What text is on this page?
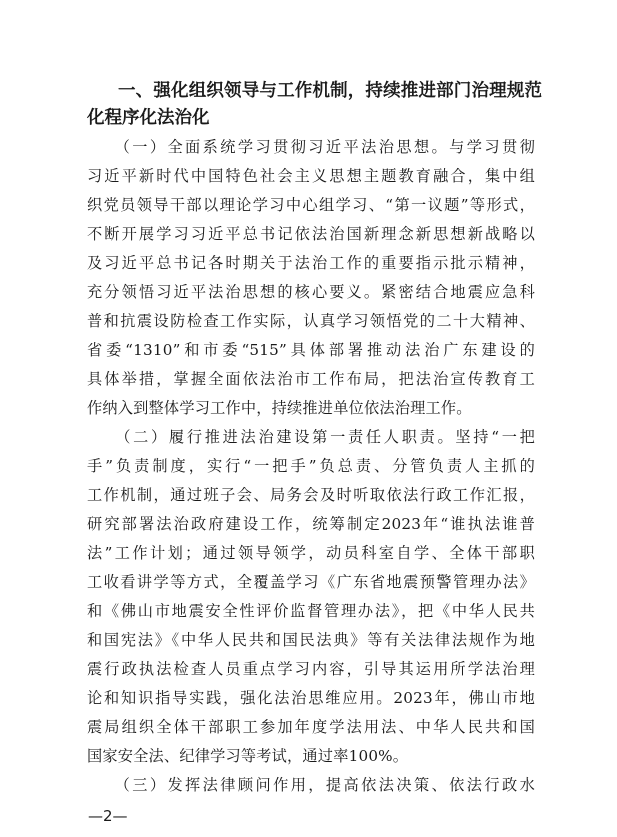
一、强化组织领导与工作机制，持续推进部门治理规范
化程序化法治化
　　（一）全面系统学习贯彻习近平法治思想。与学习贯彻
习近平新时代中国特色社会主义思想主题教育融合，集中组
织党员领导干部以理论学习中心组学习、“第一议题”等形式，
不断开展学习习近平总书记依法治国新理念新思想新战略以
及习近平总书记各时期关于法治工作的重要指示批示精神，
充分领悟习近平法治思想的核心要义。紧密结合地震应急科
普和抗震设防检查工作实际，认真学习领悟党的二十大精神、
省委“1310”和市委“515”具体部署推动法治广东建设的
具体举措，掌握全面依法治市工作布局，把法治宣传教育工
作纳入到整体学习工作中，持续推进单位依法治理工作。
　　（二）履行推进法治建设第一责任人职责。坚持“一把
手”负责制度，实行“一把手”负总责、分管负责人主抓的
工作机制，通过班子会、局务会及时听取依法行政工作汇报，
研究部署法治政府建设工作，统筹制定2023年“谁执法谁普
法”工作计划；通过领导领学，动员科室自学、全体干部职
工收看讲学等方式，全覆盖学习《广东省地震预警管理办法》
和《佛山市地震安全性评价监督管理办法》，把《中华人民共
和国宪法》《中华人民共和国民法典》等有关法律法规作为地
震行政执法检查人员重点学习内容，引导其运用所学法治理
论和知识指导实践，强化法治思维应用。2023年，佛山市地
震局组织全体干部职工参加年度学法用法、中华人民共和国
国家安全法、纪律学习等考试，通过率100%。
　　（三）发挥法律顾问作用，提高依法决策、依法行政水
—2—
